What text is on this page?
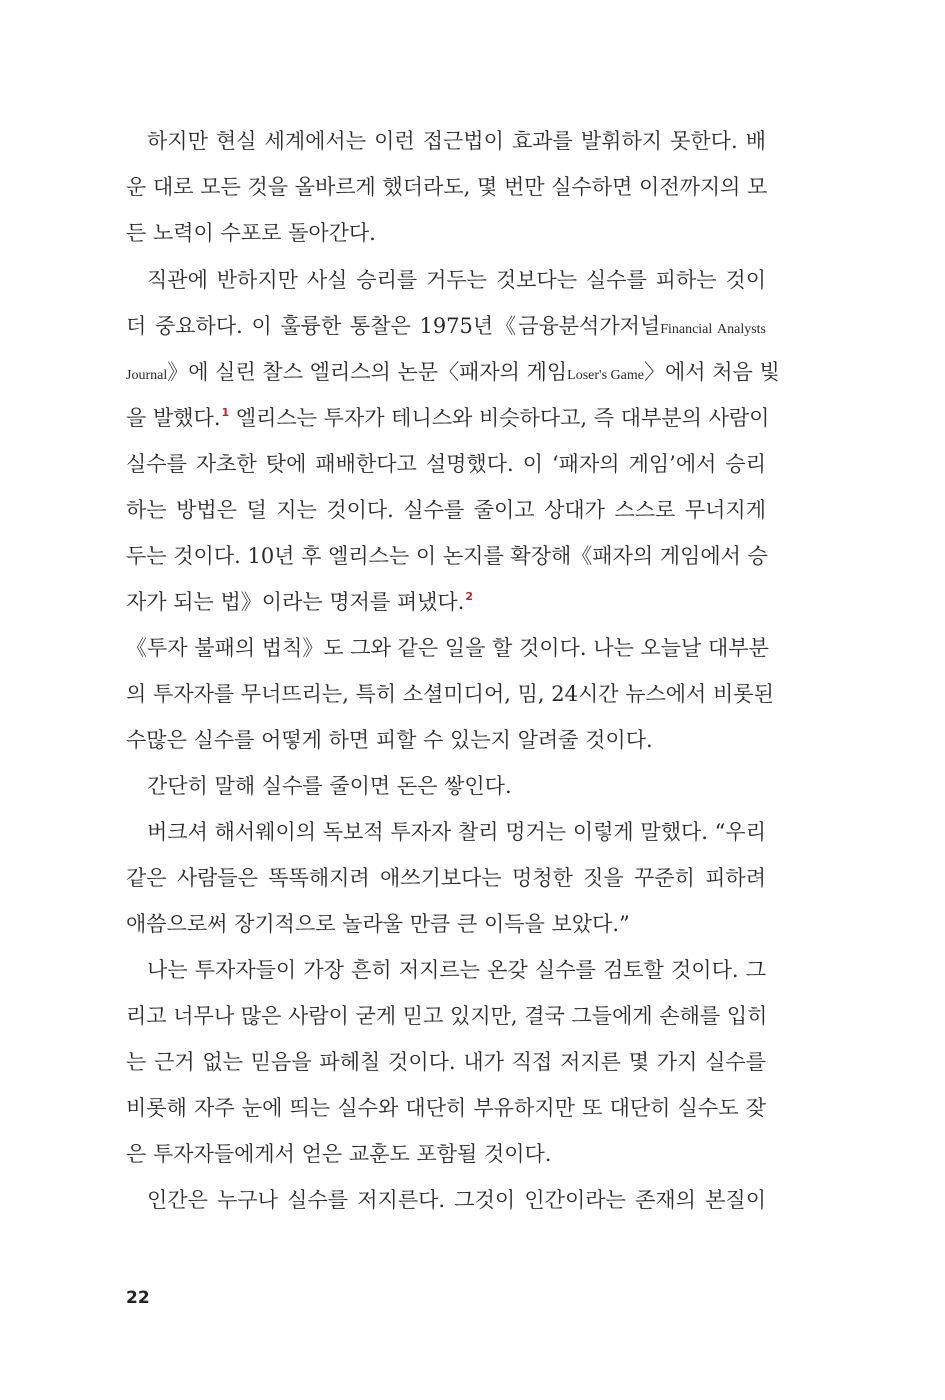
하지만 현실 세계에서는 이런 접근법이 효과를 발휘하지 못한다. 배
운 대로 모든 것을 올바르게 했더라도, 몇 번만 실수하면 이전까지의 모
든 노력이 수포로 돌아간다.
직관에 반하지만 사실 승리를 거두는 것보다는 실수를 피하는 것이
더 중요하다. 이 훌륭한 통찰은 1975년《금융분석가저널Financial Analysts
Journal》에 실린 찰스 엘리스의 논문〈패자의 게임Loser's Game〉에서 처음 빛
을 발했다.$^1$ 엘리스는 투자가 테니스와 비슷하다고, 즉 대부분의 사람이
실수를 자초한 탓에 패배한다고 설명했다. 이 ‘패자의 게임’에서 승리
하는 방법은 덜 지는 것이다. 실수를 줄이고 상대가 스스로 무너지게
두는 것이다. 10년 후 엘리스는 이 논지를 확장해《패자의 게임에서 승
자가 되는 법》이라는 명저를 펴냈다.$^2$
《투자 불패의 법칙》도 그와 같은 일을 할 것이다. 나는 오늘날 대부분
의 투자자를 무너뜨리는, 특히 소셜미디어, 밈, 24시간 뉴스에서 비롯된
수많은 실수를 어떻게 하면 피할 수 있는지 알려줄 것이다.
간단히 말해 실수를 줄이면 돈은 쌓인다.
버크셔 해서웨이의 독보적 투자자 찰리 멍거는 이렇게 말했다. “우리
같은 사람들은 똑똑해지려 애쓰기보다는 멍청한 짓을 꾸준히 피하려
애씀으로써 장기적으로 놀라울 만큼 큰 이득을 보았다.”
나는 투자자들이 가장 흔히 저지르는 온갖 실수를 검토할 것이다. 그
리고 너무나 많은 사람이 굳게 믿고 있지만, 결국 그들에게 손해를 입히
는 근거 없는 믿음을 파헤칠 것이다. 내가 직접 저지른 몇 가지 실수를
비롯해 자주 눈에 띄는 실수와 대단히 부유하지만 또 대단히 실수도 잦
은 투자자들에게서 얻은 교훈도 포함될 것이다.
인간은 누구나 실수를 저지른다. 그것이 인간이라는 존재의 본질이
22
